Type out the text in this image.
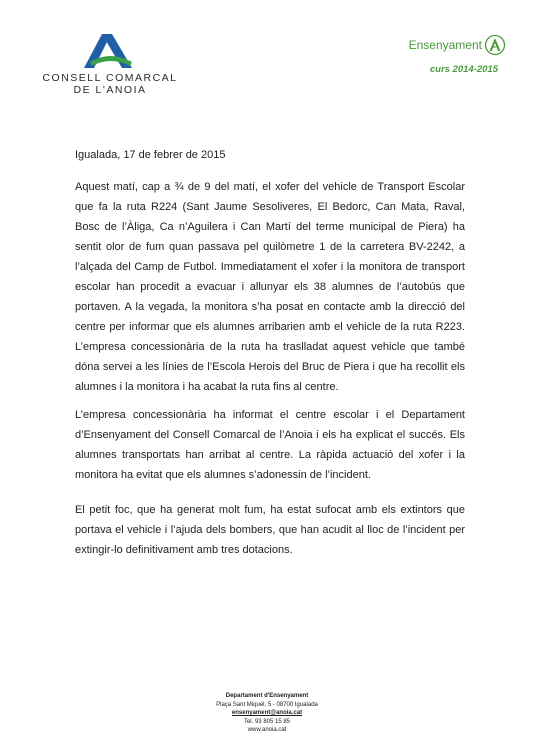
CONSELL COMARCAL
DE L'ANOIA
Ensenyament
curs 2014-2015
Igualada, 17 de febrer de 2015
Aquest matí, cap a ¾ de 9 del matí, el xofer del vehicle de Transport Escolar que fa la ruta R224 (Sant Jaume Sesoliveres, El Bedorc, Can Mata, Raval, Bosc de l’Àliga, Ca n’Aguilera i Can Martí del terme municipal de Piera) ha sentit olor de fum quan passava pel quilòmetre 1 de la carretera BV-2242, a l’alçada del Camp de Futbol. Immediatament el xofer i la monitora de transport escolar han procedit a evacuar i allunyar els 38 alumnes de l’autobús que portaven. A la vegada, la monitora s’ha posat en contacte amb la direcció del centre per informar que els alumnes arribarien amb el vehicle de la ruta R223. L’empresa concessionària de la ruta ha traslladat aquest vehicle que també dóna servei a les línies de l’Escola Herois del Bruc de Piera i que ha recollit els alumnes i la monitora i ha acabat la ruta fins al centre.
L’empresa concessionària ha informat el centre escolar i el Departament d’Ensenyament del Consell Comarcal de l’Anoia i els ha explicat el succés. Els alumnes transportats han arribat al centre. La ràpida actuació del xofer i la monitora ha evitat que els alumnes s’adonessin de l’incident.
El petit foc, que ha generat molt fum, ha estat sufocat amb els extintors que portava el vehicle i l’ajuda dels bombers, que han acudit al lloc de l’incident per extingir-lo definitivament amb tres dotacions.
Departament d'Ensenyament
Plaça Sant Miquel, 5 - 08700 Igualada
ensenyament@anoia.cat
Tel. 93 805 15 85
www.anoia.cat
